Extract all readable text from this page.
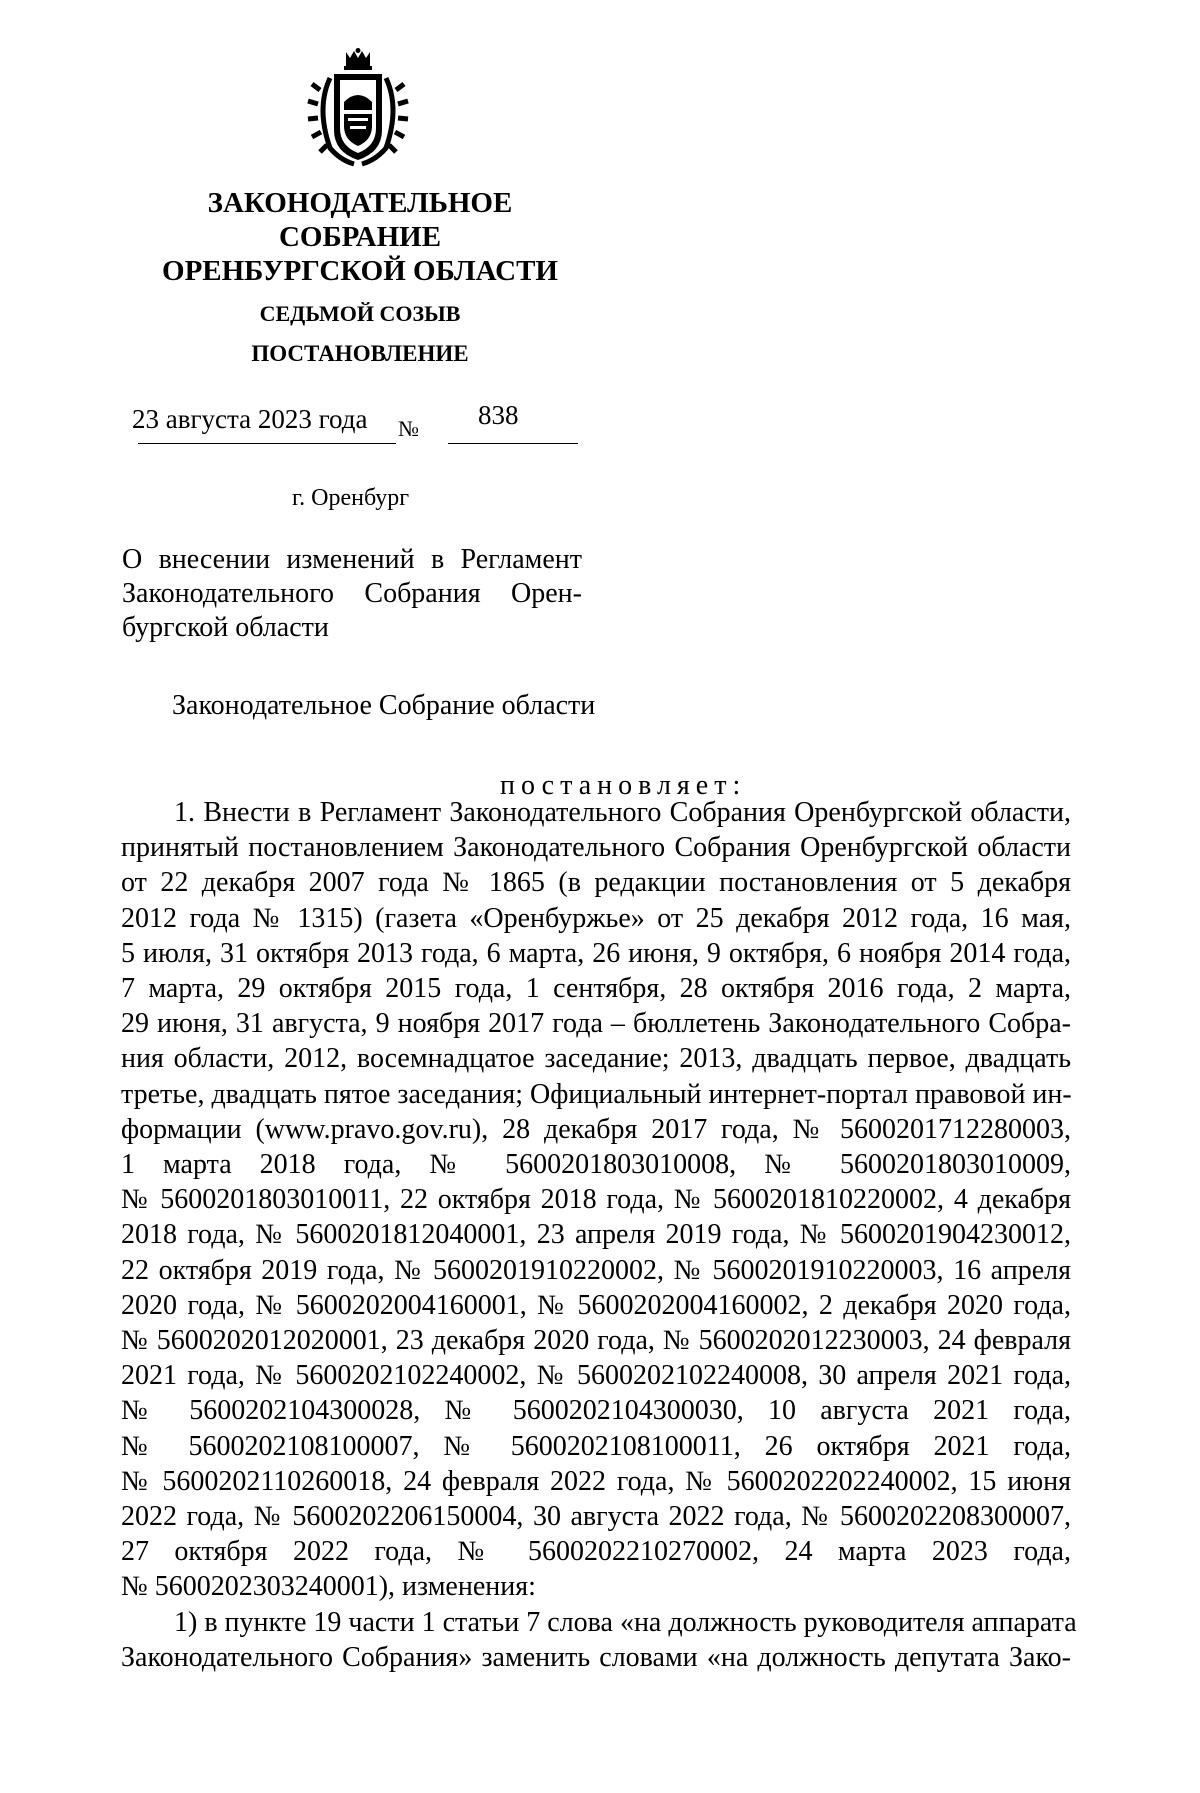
ЗАКОНОДАТЕЛЬНОЕ
СОБРАНИЕ
ОРЕНБУРГСКОЙ ОБЛАСТИ
СЕДЬМОЙ СОЗЫВ
ПОСТАНОВЛЕНИЕ
23 августа 2023 года № 838
г. Оренбург
О внесении изменений в Регламент
Законодательного Собрания Орен-
бургской области
Законодательное Собрание области
постановляет:
1. Внести в Регламент Законодательного Собрания Оренбургской области,
принятый постановлением Законодательного Собрания Оренбургской области
от 22 декабря 2007 года № 1865 (в редакции постановления от 5 декабря
2012 года № 1315) (газета «Оренбуржье» от 25 декабря 2012 года, 16 мая,
5 июля, 31 октября 2013 года, 6 марта, 26 июня, 9 октября, 6 ноября 2014 года,
7 марта, 29 октября 2015 года, 1 сентября, 28 октября 2016 года, 2 марта,
29 июня, 31 августа, 9 ноября 2017 года – бюллетень Законодательного Собра-
ния области, 2012, восемнадцатое заседание; 2013, двадцать первое, двадцать
третье, двадцать пятое заседания; Официальный интернет-портал правовой ин-
формации (www.pravo.gov.ru), 28 декабря 2017 года, № 5600201712280003,
1 марта 2018 года, № 5600201803010008, № 5600201803010009,
№ 5600201803010011, 22 октября 2018 года, № 5600201810220002, 4 декабря
2018 года, № 5600201812040001, 23 апреля 2019 года, № 5600201904230012,
22 октября 2019 года, № 5600201910220002, № 5600201910220003, 16 апреля
2020 года, № 5600202004160001, № 5600202004160002, 2 декабря 2020 года,
№ 5600202012020001, 23 декабря 2020 года, № 5600202012230003, 24 февраля
2021 года, № 5600202102240002, № 5600202102240008, 30 апреля 2021 года,
№ 5600202104300028, № 5600202104300030, 10 августа 2021 года,
№ 5600202108100007, № 5600202108100011, 26 октября 2021 года,
№ 5600202110260018, 24 февраля 2022 года, № 5600202202240002, 15 июня
2022 года, № 5600202206150004, 30 августа 2022 года, № 5600202208300007,
27 октября 2022 года, № 5600202210270002, 24 марта 2023 года,
№ 5600202303240001), изменения:
1) в пункте 19 части 1 статьи 7 слова «на должность руководителя аппарата
Законодательного Собрания» заменить словами «на должность депутата Зако-
